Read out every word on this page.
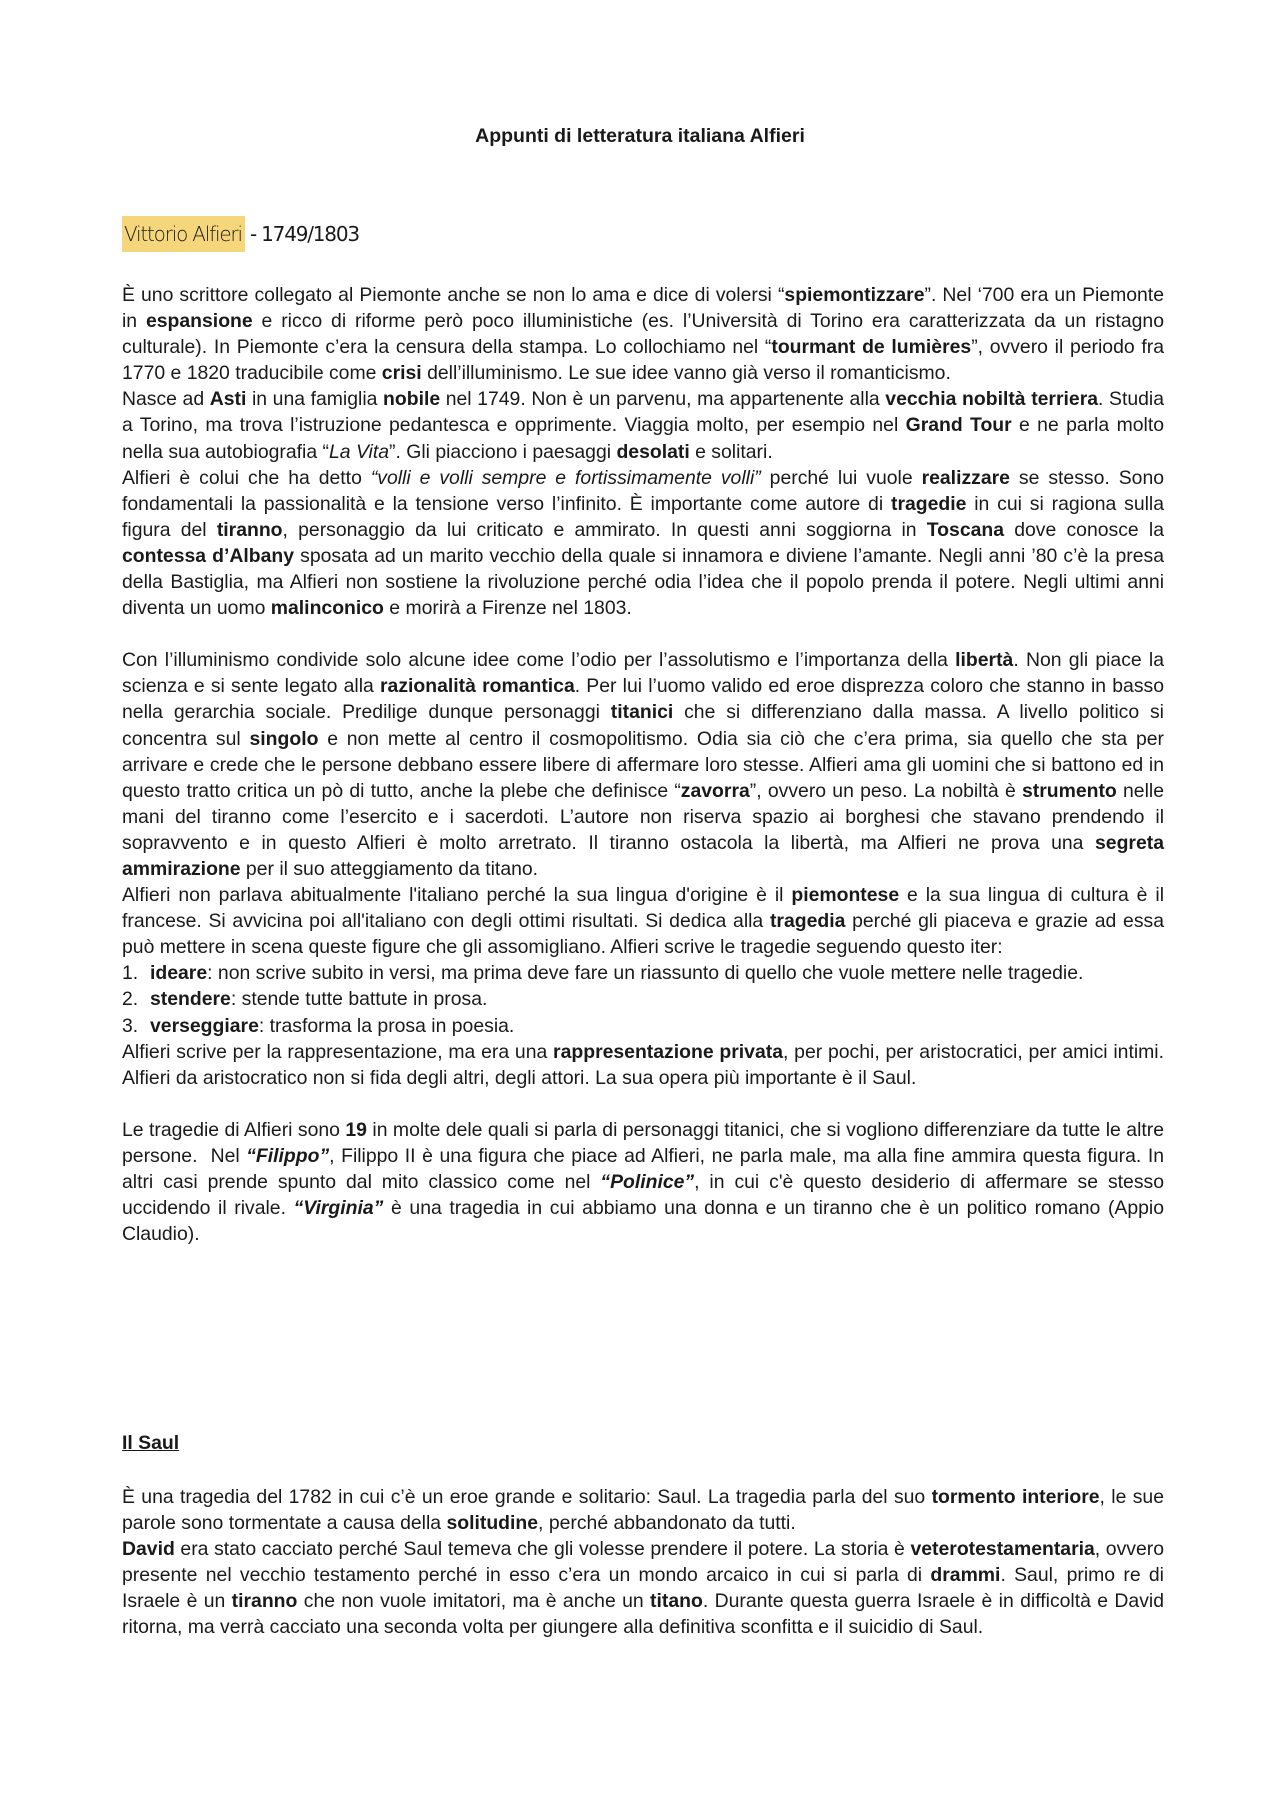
Appunti di letteratura italiana Alfieri
Vittorio Alfieri - 1749/1803

È uno scrittore collegato al Piemonte anche se non lo ama e dice di volersi “spiemontizzare”. Nel ‘700 era un Piemonte in espansione e ricco di riforme però poco illuministiche (es. l’Università di Torino era caratterizzata da un ristagno culturale). In Piemonte c’era la censura della stampa. Lo collochiamo nel “tourmant de lumières”, ovvero il periodo fra 1770 e 1820 traducibile come crisi dell’illuminismo. Le sue idee vanno già verso il romanticismo.

Nasce ad Asti in una famiglia nobile nel 1749. Non è un parvenu, ma appartenente alla vecchia nobiltà terriera. Studia a Torino, ma trova l’istruzione pedantesca e opprimente. Viaggia molto, per esempio nel Grand Tour e ne parla molto nella sua autobiografia “La Vita”. Gli piacciono i paesaggi desolati e solitari.

Alfieri è colui che ha detto “volli e volli sempre e fortissimamente volli” perché lui vuole realizzare se stesso. Sono fondamentali la passionalità e la tensione verso l’infinito. È importante come autore di tragedie in cui si ragiona sulla figura del tiranno, personaggio da lui criticato e ammirato. In questi anni soggiorna in Toscana dove conosce la contessa d’Albany sposata ad un marito vecchio della quale si innamora e diviene l’amante. Negli anni ’80 c’è la presa della Bastiglia, ma Alfieri non sostiene la rivoluzione perché odia l’idea che il popolo prenda il potere. Negli ultimi anni diventa un uomo malinconico e morirà a Firenze nel 1803.

Con l’illuminismo condivide solo alcune idee come l’odio per l’assolutismo e l’importanza della libertà. Non gli piace la scienza e si sente legato alla razionalità romantica. Per lui l’uomo valido ed eroe disprezza coloro che stanno in basso nella gerarchia sociale. Predilige dunque personaggi titanici che si differenziano dalla massa. A livello politico si concentra sul singolo e non mette al centro il cosmopolitismo. Odia sia ciò che c’era prima, sia quello che sta per arrivare e crede che le persone debbano essere libere di affermare loro stesse. Alfieri ama gli uomini che si battono ed in questo tratto critica un pò di tutto, anche la plebe che definisce “zavorra”, ovvero un peso. La nobiltà è strumento nelle mani del tiranno come l’esercito e i sacerdoti. L’autore non riserva spazio ai borghesi che stavano prendendo il sopravvento e in questo Alfieri è molto arretrato. Il tiranno ostacola la libertà, ma Alfieri ne prova una segreta ammirazione per il suo atteggiamento da titano.

Alfieri non parlava abitualmente l'italiano perché la sua lingua d'origine è il piemontese e la sua lingua di cultura è il francese. Si avvicina poi all'italiano con degli ottimi risultati. Si dedica alla tragedia perché gli piaceva e grazie ad essa può mettere in scena queste figure che gli assomigliano. Alfieri scrive le tragedie seguendo questo iter:

1. ideare: non scrive subito in versi, ma prima deve fare un riassunto di quello che vuole mettere nelle tragedie.
2. stendere: stende tutte battute in prosa.
3. verseggiare: trasforma la prosa in poesia.

Alfieri scrive per la rappresentazione, ma era una rappresentazione privata, per pochi, per aristocratici, per amici intimi. Alfieri da aristocratico non si fida degli altri, degli attori. La sua opera più importante è il Saul.

Le tragedie di Alfieri sono 19 in molte dele quali si parla di personaggi titanici, che si vogliono differenziare da tutte le altre persone.  Nel “Filippo”, Filippo II è una figura che piace ad Alfieri, ne parla male, ma alla fine ammira questa figura. In altri casi prende spunto dal mito classico come nel “Polinice”, in cui c'è questo desiderio di affermare se stesso uccidendo il rivale. “Virginia” è una tragedia in cui abbiamo una donna e un tiranno che è un politico romano (Appio Claudio).

Il Saul

È una tragedia del 1782 in cui c’è un eroe grande e solitario: Saul. La tragedia parla del suo tormento interiore, le sue parole sono tormentate a causa della solitudine, perché abbandonato da tutti.

David era stato cacciato perché Saul temeva che gli volesse prendere il potere. La storia è veterotestamentaria, ovvero presente nel vecchio testamento perché in esso c’era un mondo arcaico in cui si parla di drammi. Saul, primo re di Israele è un tiranno che non vuole imitatori, ma è anche un titano. Durante questa guerra Israele è in difficoltà e David ritorna, ma verrà cacciato una seconda volta per giungere alla definitiva sconfitta e il suicidio di Saul.
